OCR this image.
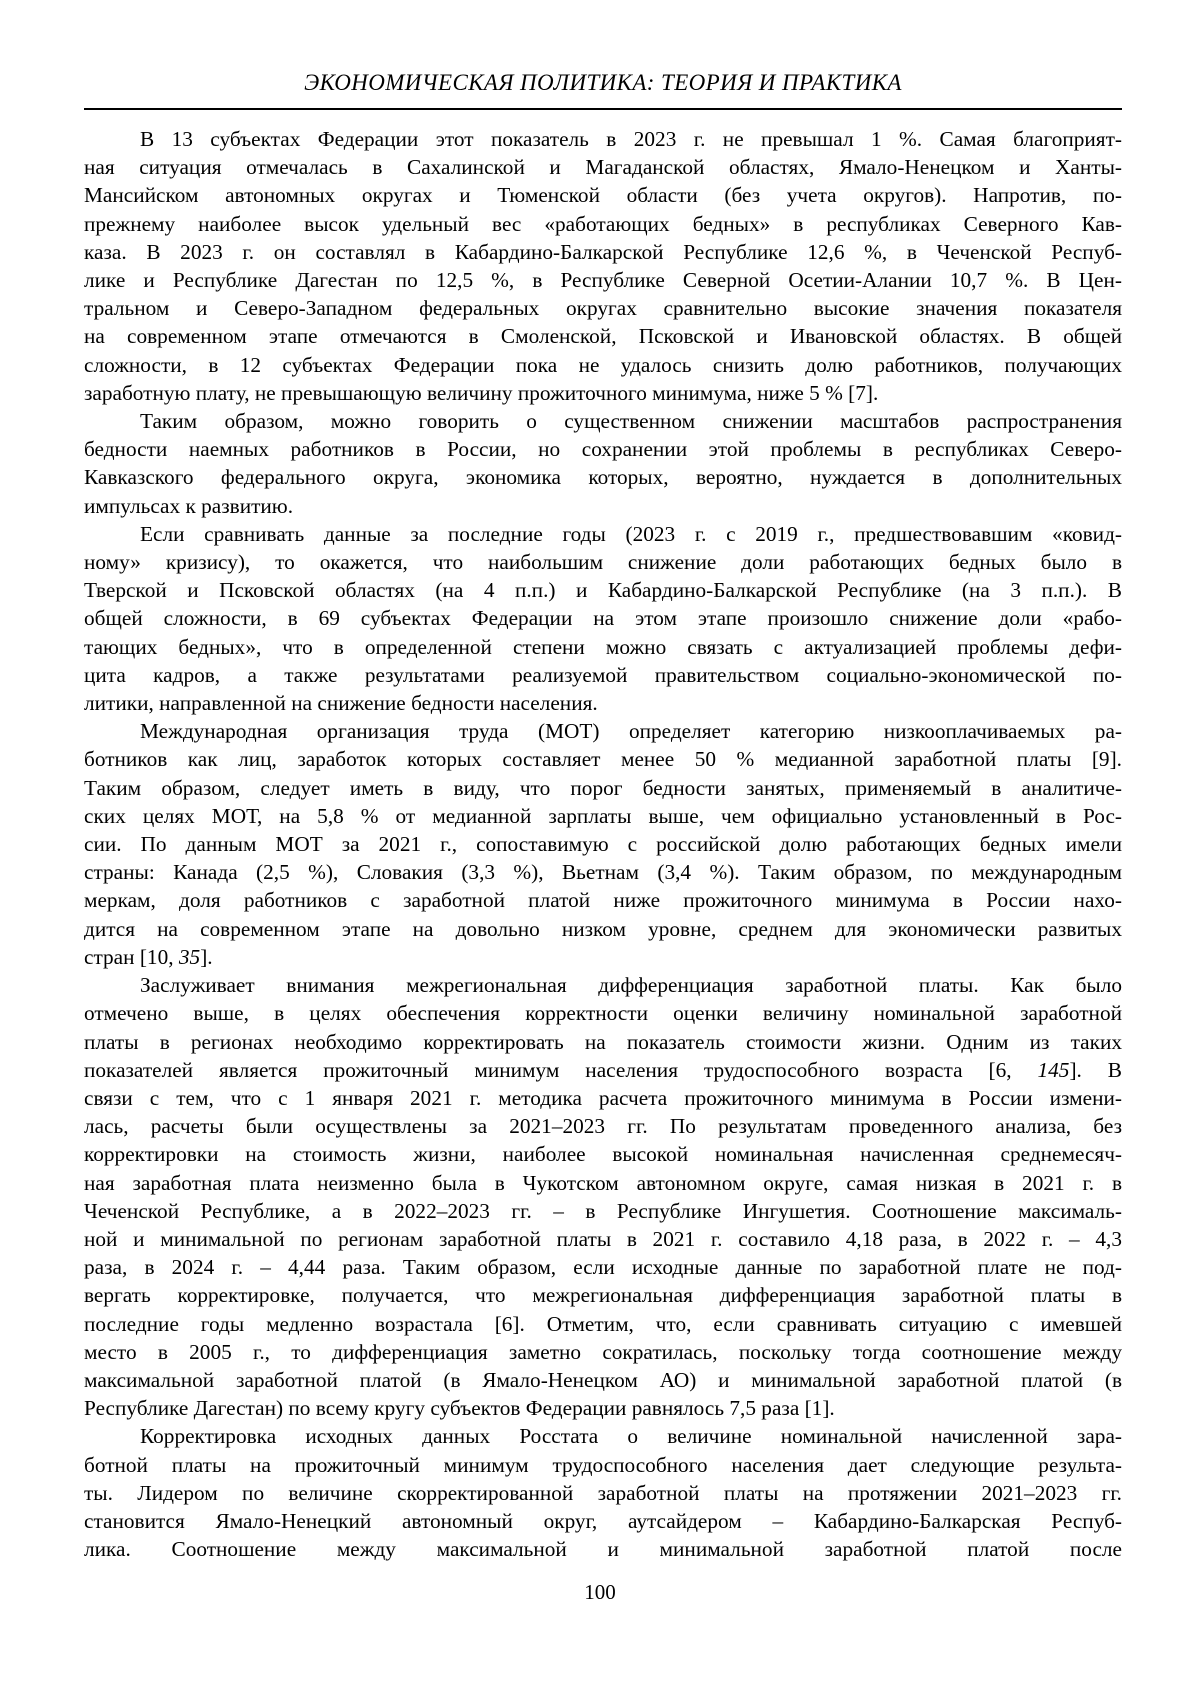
ЭКОНОМИЧЕСКАЯ ПОЛИТИКА: ТЕОРИЯ И ПРАКТИКА
В 13 субъектах Федерации этот показатель в 2023 г. не превышал 1 %. Самая благоприят-
ная ситуация отмечалась в Сахалинской и Магаданской областях, Ямало-Ненецком и Ханты-
Мансийском автономных округах и Тюменской области (без учета округов). Напротив, по-
прежнему наиболее высок удельный вес «работающих бедных» в республиках Северного Кав-
каза. В 2023 г. он составлял в Кабардино-Балкарской Республике 12,6 %, в Чеченской Респуб-
лике и Республике Дагестан по 12,5 %, в Республике Северной Осетии-Алании 10,7 %. В Цен-
тральном и Северо-Западном федеральных округах сравнительно высокие значения показателя
на современном этапе отмечаются в Смоленской, Псковской и Ивановской областях. В общей
сложности, в 12 субъектах Федерации пока не удалось снизить долю работников, получающих
заработную плату, не превышающую величину прожиточного минимума, ниже 5 % [7].
Таким образом, можно говорить о существенном снижении масштабов распространения
бедности наемных работников в России, но сохранении этой проблемы в республиках Северо-
Кавказского федерального округа, экономика которых, вероятно, нуждается в дополнительных
импульсах к развитию.
Если сравнивать данные за последние годы (2023 г. с 2019 г., предшествовавшим «ковид-
ному» кризису), то окажется, что наибольшим снижение доли работающих бедных было в
Тверской и Псковской областях (на 4 п.п.) и Кабардино-Балкарской Республике (на 3 п.п.). В
общей сложности, в 69 субъектах Федерации на этом этапе произошло снижение доли «рабо-
тающих бедных», что в определенной степени можно связать с актуализацией проблемы дефи-
цита кадров, а также результатами реализуемой правительством социально-экономической по-
литики, направленной на снижение бедности населения.
Международная организация труда (МОТ) определяет категорию низкооплачиваемых ра-
ботников как лиц, заработок которых составляет менее 50 % медианной заработной платы [9].
Таким образом, следует иметь в виду, что порог бедности занятых, применяемый в аналитиче-
ских целях МОТ, на 5,8 % от медианной зарплаты выше, чем официально установленный в Рос-
сии. По данным МОТ за 2021 г., сопоставимую с российской долю работающих бедных имели
страны: Канада (2,5 %), Словакия (3,3 %), Вьетнам (3,4 %). Таким образом, по международным
меркам, доля работников с заработной платой ниже прожиточного минимума в России нахо-
дится на современном этапе на довольно низком уровне, среднем для экономически развитых
стран [10, 35].
Заслуживает внимания межрегиональная дифференциация заработной платы. Как было
отмечено выше, в целях обеспечения корректности оценки величину номинальной заработной
платы в регионах необходимо корректировать на показатель стоимости жизни. Одним из таких
показателей является прожиточный минимум населения трудоспособного возраста [6, 145]. В
связи с тем, что с 1 января 2021 г. методика расчета прожиточного минимума в России измени-
лась, расчеты были осуществлены за 2021–2023 гг. По результатам проведенного анализа, без
корректировки на стоимость жизни, наиболее высокой номинальная начисленная среднемесяч-
ная заработная плата неизменно была в Чукотском автономном округе, самая низкая в 2021 г. в
Чеченской Республике, а в 2022–2023 гг. – в Республике Ингушетия. Соотношение максималь-
ной и минимальной по регионам заработной платы в 2021 г. составило 4,18 раза, в 2022 г. – 4,3
раза, в 2024 г. – 4,44 раза. Таким образом, если исходные данные по заработной плате не под-
вергать корректировке, получается, что межрегиональная дифференциация заработной платы в
последние годы медленно возрастала [6]. Отметим, что, если сравнивать ситуацию с имевшей
место в 2005 г., то дифференциация заметно сократилась, поскольку тогда соотношение между
максимальной заработной платой (в Ямало-Ненецком АО) и минимальной заработной платой (в
Республике Дагестан) по всему кругу субъектов Федерации равнялось 7,5 раза [1].
Корректировка исходных данных Росстата о величине номинальной начисленной зара-
ботной платы на прожиточный минимум трудоспособного населения дает следующие результа-
ты. Лидером по величине скорректированной заработной платы на протяжении 2021–2023 гг.
становится Ямало-Ненецкий автономный округ, аутсайдером – Кабардино-Балкарская Респуб-
лика. Соотношение между максимальной и минимальной заработной платой после
100
